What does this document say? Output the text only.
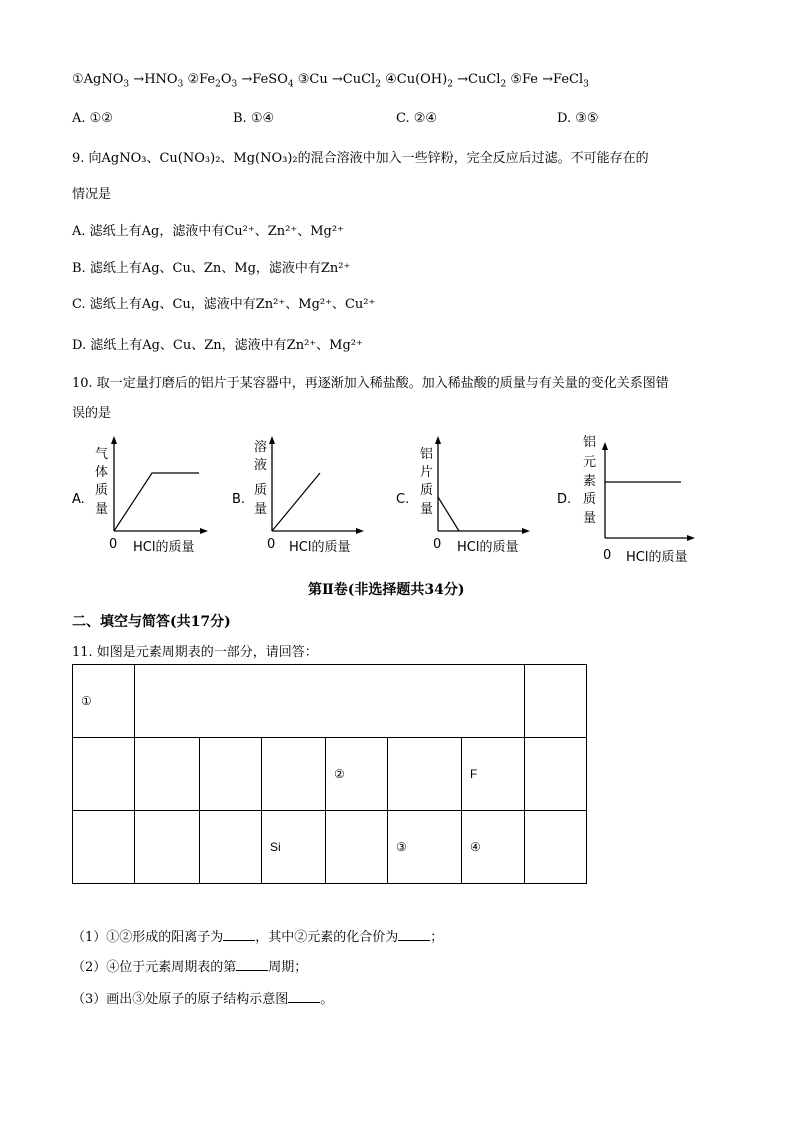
①AgNO$_3$ $\to HNO_3$ $②Fe_2O_3$ →FeSO$_4$ ③Cu →CuCl$_2$ $④Cu(OH)_2$ →CuCl$_2$ ⑤Fe →FeCl$_3$
A. ①②	B. ①④	C. ②④	D. ③⑤
9. 向AgNO₃、Cu(NO₃)₂、Mg(NO₃)₂的混合溶液中加入一些锌粉，完全反应后过滤。不可能存在的
情况是
A. 滤纸上有Ag，滤液中有Cu²⁺、Zn²⁺、Mg²⁺
B. 滤纸上有Ag、Cu、Zn、Mg，滤液中有Zn²⁺
C. 滤纸上有Ag、Cu，滤液中有Zn²⁺、Mg²⁺、Cu²⁺
D. 滤纸上有Ag、Cu、Zn，滤液中有Zn²⁺、Mg²⁺
10. 取一定量打磨后的铝片于某容器中，再逐渐加入稀盐酸。加入稀盐酸的质量与有关量的变化关系图错
误的是
A.
气
体
质
量
0 HCl的质量
B.
溶
液
质
量
0 HCl的质量
C.
铝
片
质
量
0 HCl的质量
D.
铝
元
素
质
量
0 HCl的质量
第Ⅱ卷(非选择题共34分)
二、填空与简答(共17分)
11. 如图是元素周期表的一部分，请回答：
①							
				②		F	
			Si		③	④	
（1）①②形成的阳离子为 ，其中②元素的化合价为 ；
（2）④位于元素周期表的第 周期；
（3）画出③处原子的原子结构示意图 。
